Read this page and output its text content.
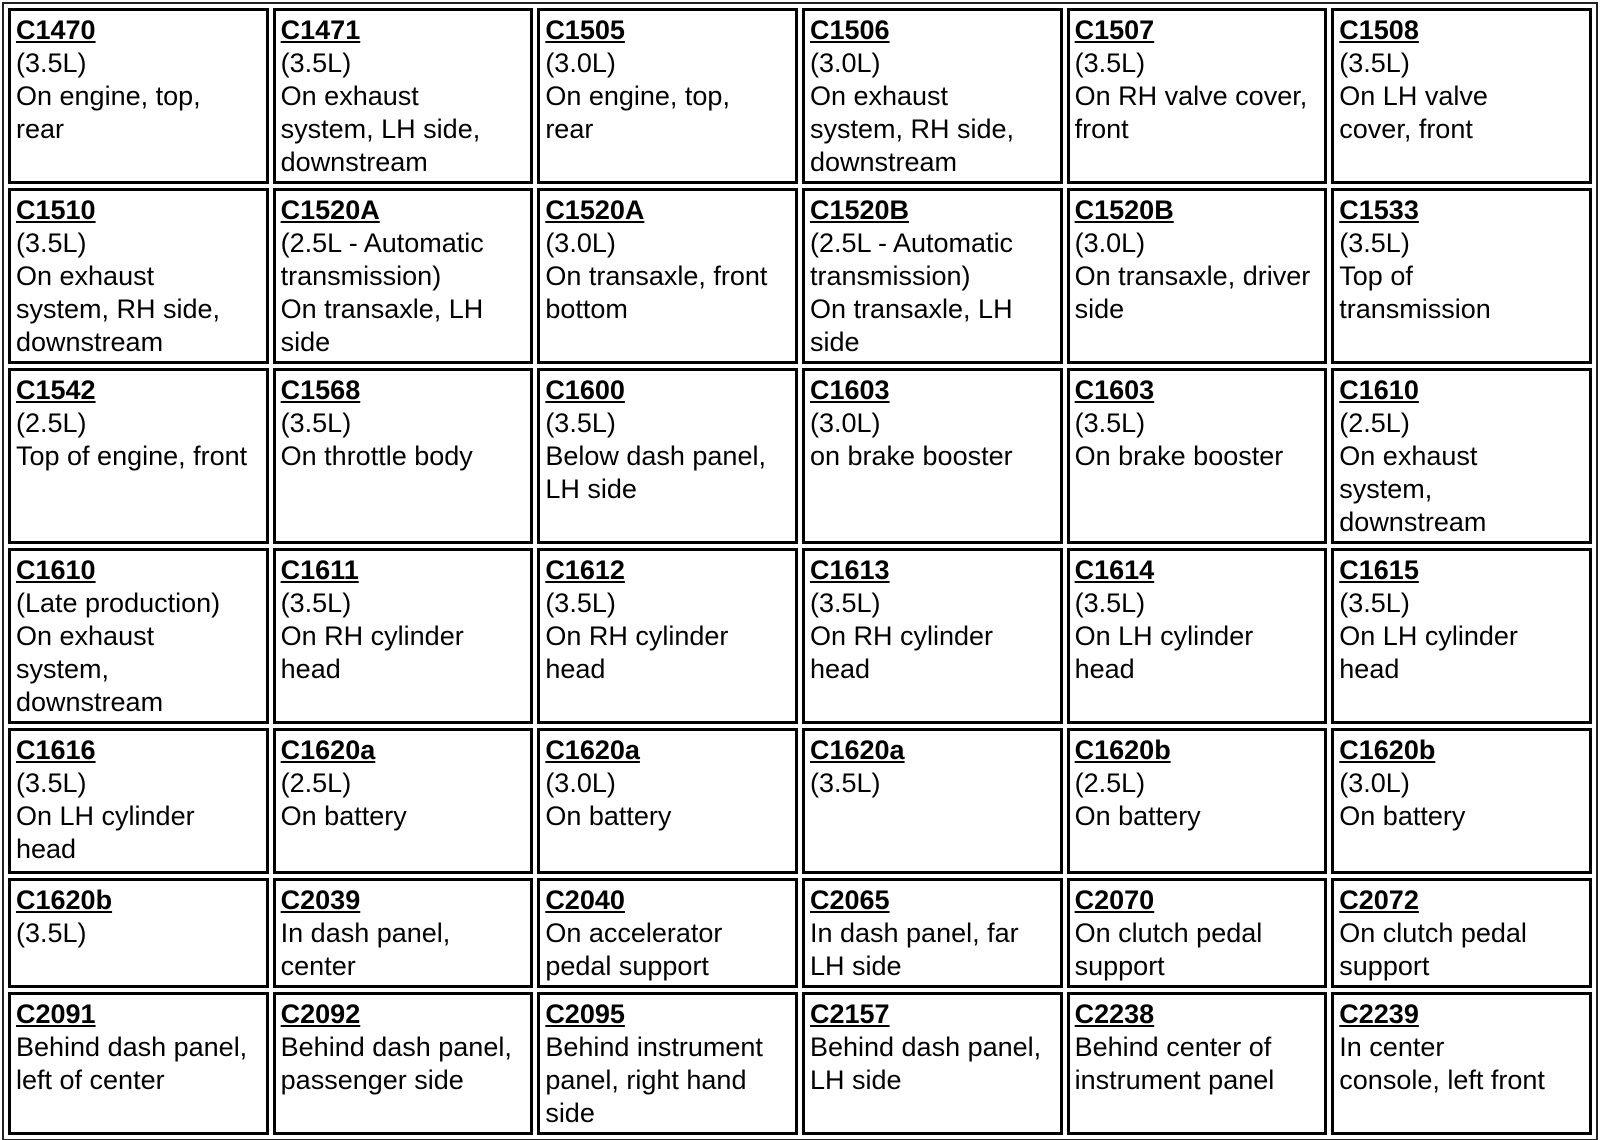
C1470
(3.5L)
On engine, top,
rear	C1471
(3.5L)
On exhaust
system, LH side,
downstream	C1505
(3.0L)
On engine, top,
rear	C1506
(3.0L)
On exhaust
system, RH side,
downstream	C1507
(3.5L)
On RH valve cover,
front	C1508
(3.5L)
On LH valve
cover, front

C1510
(3.5L)
On exhaust
system, RH side,
downstream	C1520A
(2.5L - Automatic
transmission)
On transaxle, LH
side	C1520A
(3.0L)
On transaxle, front
bottom	C1520B
(2.5L - Automatic
transmission)
On transaxle, LH
side	C1520B
(3.0L)
On transaxle, driver
side	C1533
(3.5L)
Top of
transmission

C1542
(2.5L)
Top of engine, front	C1568
(3.5L)
On throttle body	C1600
(3.5L)
Below dash panel,
LH side	C1603
(3.0L)
on brake booster	C1603
(3.5L)
On brake booster	C1610
(2.5L)
On exhaust
system,
downstream

C1610
(Late production)
On exhaust
system,
downstream	C1611
(3.5L)
On RH cylinder
head	C1612
(3.5L)
On RH cylinder
head	C1613
(3.5L)
On RH cylinder
head	C1614
(3.5L)
On LH cylinder
head	C1615
(3.5L)
On LH cylinder
head

C1616
(3.5L)
On LH cylinder
head	C1620a
(2.5L)
On battery	C1620a
(3.0L)
On battery	C1620a
(3.5L)	C1620b
(2.5L)
On battery	C1620b
(3.0L)
On battery

C1620b
(3.5L)	C2039
In dash panel,
center	C2040
On accelerator
pedal support	C2065
In dash panel, far
LH side	C2070
On clutch pedal
support	C2072
On clutch pedal
support

C2091
Behind dash panel,
left of center	C2092
Behind dash panel,
passenger side	C2095
Behind instrument
panel, right hand
side	C2157
Behind dash panel,
LH side	C2238
Behind center of
instrument panel	C2239
In center
console, left front
